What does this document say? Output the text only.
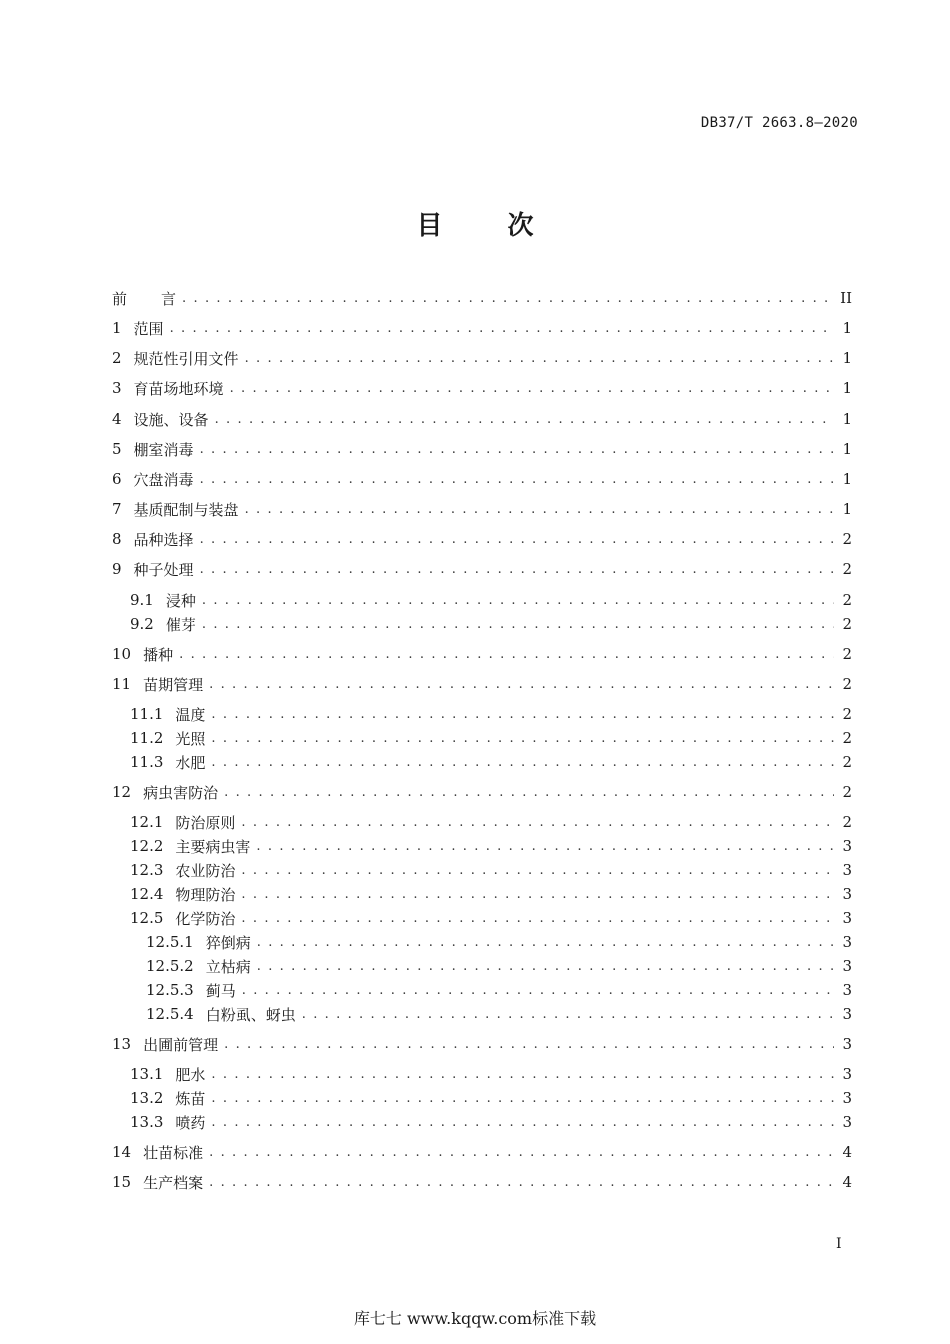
DB37/T 2663.8—2020
目	次
前	言 . . .	II
1 范围 . . .	1
2 规范性引用文件 . . .	1
3 育苗场地环境 . . .	1
4 设施、设备 . . .	1
5 棚室消毒 . . .	1
6 穴盘消毒 . . .	1
7 基质配制与装盘 . . .	1
8 品种选择 . . .	2
9 种子处理 . . .	2
9.1 浸种 . . .	2
9.2 催芽 . . .	2
10 播种 . . .	2
11 苗期管理 . . .	2
11.1 温度 . . .	2
11.2 光照 . . .	2
11.3 水肥 . . .	2
12 病虫害防治 . . .	2
12.1 防治原则 . . .	2
12.2 主要病虫害 . . .	3
12.3 农业防治 . . .	3
12.4 物理防治 . . .	3
12.5 化学防治 . . .	3
12.5.1 猝倒病 . . .	3
12.5.2 立枯病 . . .	3
12.5.3 蓟马 . . .	3
12.5.4 白粉虱、蚜虫 . . .	3
13 出圃前管理 . . .	3
13.1 肥水 . . .	3
13.2 炼苗 . . .	3
13.3 喷药 . . .	3
14 壮苗标准 . . .	4
15 生产档案 . . .	4
I
库七七 www.kqqw.com标准下载
